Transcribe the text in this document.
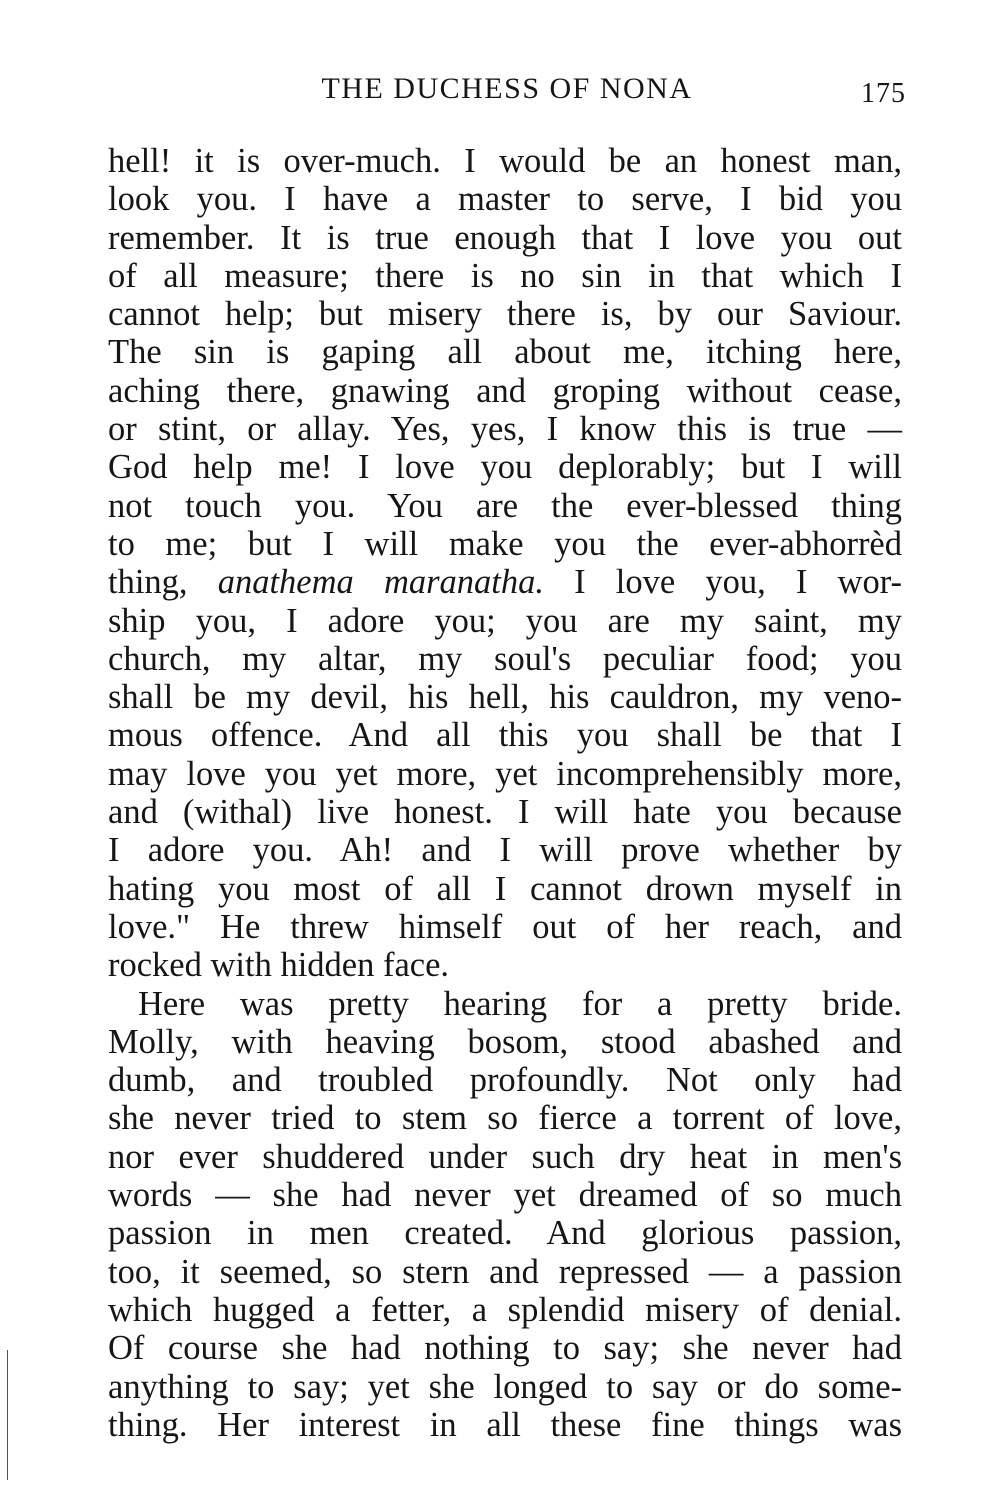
THE DUCHESS OF NONA	175
hell! it is over-much. I would be an honest man,
look you. I have a master to serve, I bid you
remember. It is true enough that I love you out
of all measure; there is no sin in that which I
cannot help; but misery there is, by our Saviour.
The sin is gaping all about me, itching here,
aching there, gnawing and groping without cease,
or stint, or allay. Yes, yes, I know this is true —
God help me! I love you deplorably; but I will
not touch you. You are the ever-blessed thing
to me; but I will make you the ever-abhorrèd
thing, anathema maranatha. I love you, I wor-
ship you, I adore you; you are my saint, my
church, my altar, my soul's peculiar food; you
shall be my devil, his hell, his cauldron, my veno-
mous offence. And all this you shall be that I
may love you yet more, yet incomprehensibly more,
and (withal) live honest. I will hate you because
I adore you. Ah! and I will prove whether by
hating you most of all I cannot drown myself in
love." He threw himself out of her reach, and
rocked with hidden face.
Here was pretty hearing for a pretty bride.
Molly, with heaving bosom, stood abashed and
dumb, and troubled profoundly. Not only had
she never tried to stem so fierce a torrent of love,
nor ever shuddered under such dry heat in men's
words — she had never yet dreamed of so much
passion in men created. And glorious passion,
too, it seemed, so stern and repressed — a passion
which hugged a fetter, a splendid misery of denial.
Of course she had nothing to say; she never had
anything to say; yet she longed to say or do some-
thing. Her interest in all these fine things was
